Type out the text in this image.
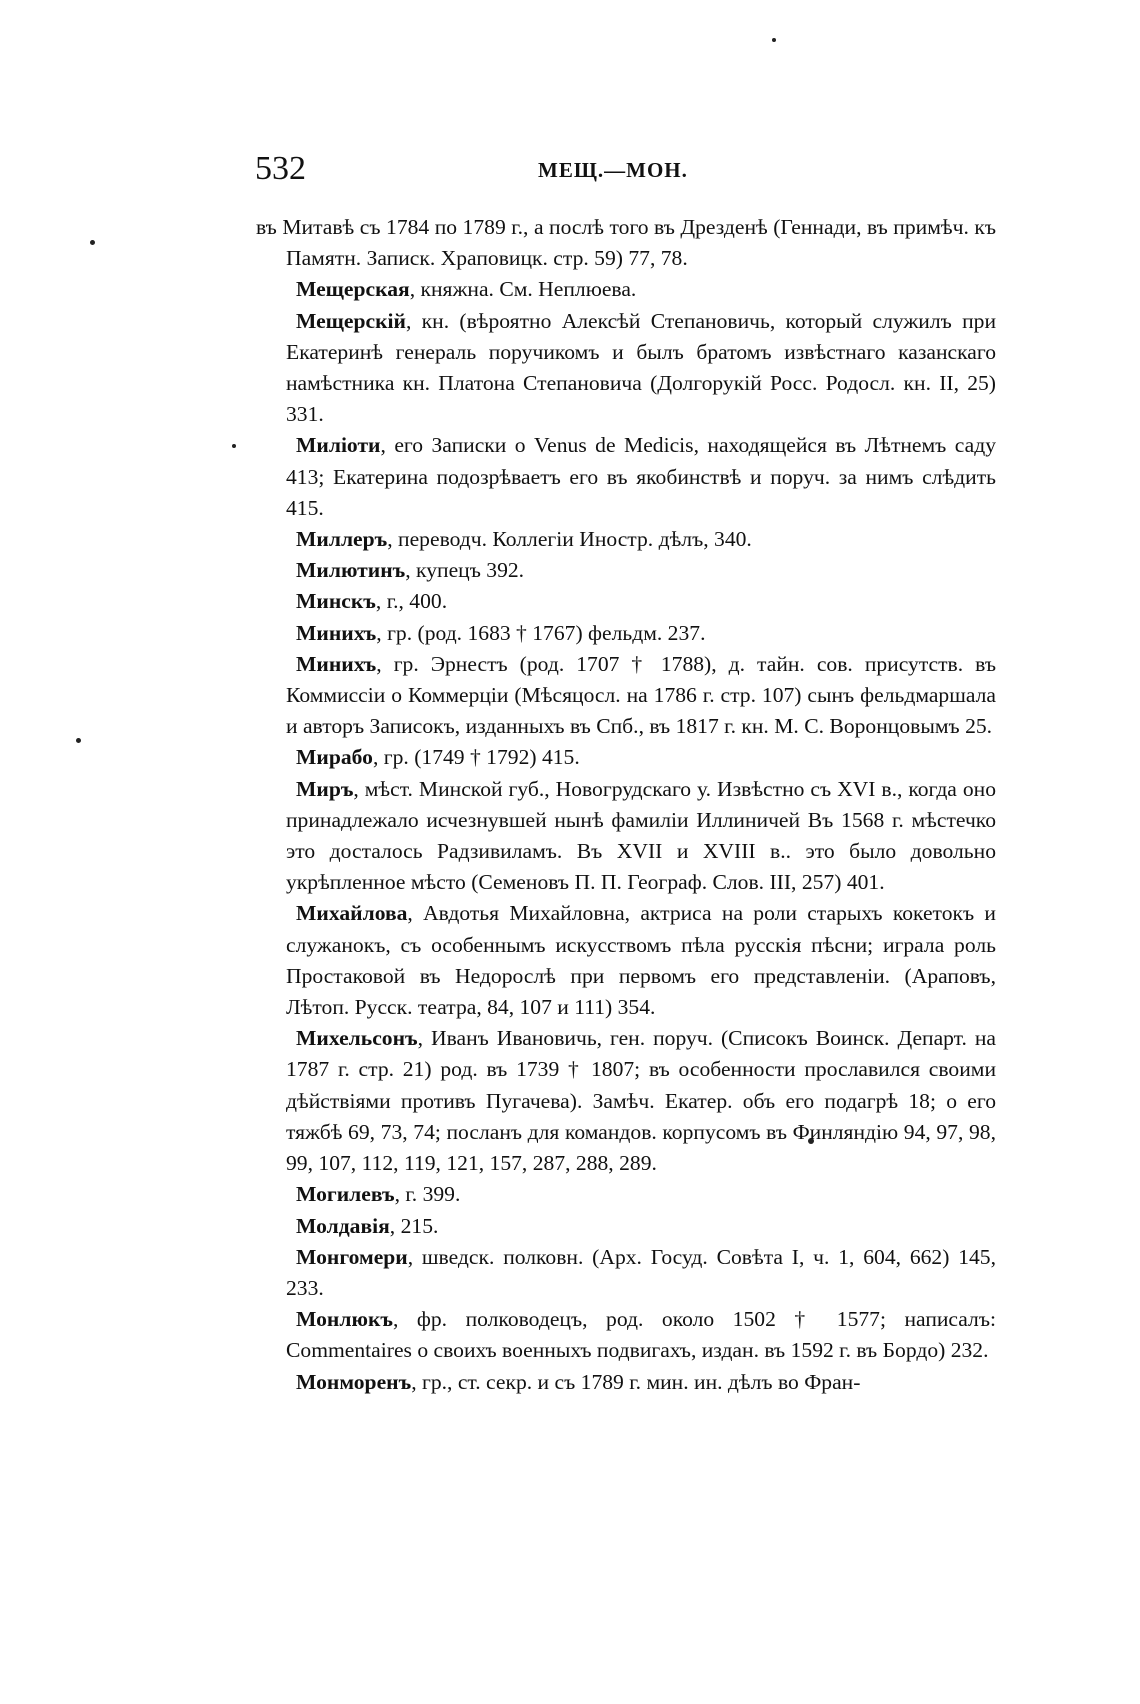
532	МЕЩ.—МОН.

въ Митавѣ съ 1784 по 1789 г., а послѣ того въ Дрезденѣ (Геннади, въ примѣч. къ Памятн. Записк. Храповицк. стр. 59) 77, 78.

Мещерская, княжна. См. Неплюева.

Мещерскій, кн. (вѣроятно Алексѣй Степановичь, который служилъ при Екатеринѣ генераль поручикомъ и былъ братомъ извѣстнаго казанскаго намѣстника кн. Платона Степановича (Долгорукій Росс. Родосл. кн. II, 25) 331.

Миліоти, его Записки о Venus de Medicis, находящейся въ Лѣтнемъ саду 413; Екатерина подозрѣваетъ его въ якобинствѣ и поруч. за нимъ слѣдить 415.

Миллеръ, переводч. Коллегіи Иностр. дѣлъ, 340.

Милютинъ, купецъ 392.

Минскъ, г., 400.

Минихъ, гр. (род. 1683 † 1767) фельдм. 237.

Минихъ, гр. Эрнестъ (род. 1707 † 1788), д. тайн. сов. присутств. въ Коммиссіи о Коммерціи (Мѣсяцосл. на 1786 г. стр. 107) сынъ фельдмаршала и авторъ Записокъ, изданныхъ въ Спб., въ 1817 г. кн. М. С. Воронцовымъ 25.

Мирабо, гр. (1749 † 1792) 415.

Миръ, мѣст. Минской губ., Новогрудскаго у. Извѣстно съ XVI в., когда оно принадлежало исчезнувшей нынѣ фамиліи Иллиничей Въ 1568 г. мѣстечко это досталось Радзивиламъ. Въ XVII и XVIII в.. это было довольно укрѣпленное мѣсто (Семеновъ П. П. Географ. Слов. III, 257) 401.

Михайлова, Авдотья Михайловна, актриса на роли старыхъ кокетокъ и служанокъ, съ особеннымъ искусствомъ пѣла русскія пѣсни; играла роль Простаковой въ Недорослѣ при первомъ его представленіи. (Араповъ, Лѣтоп. Русск. театра, 84, 107 и 111) 354.

Михельсонъ, Иванъ Ивановичь, ген. поруч. (Списокъ Воинск. Департ. на 1787 г. стр. 21) род. въ 1739 † 1807; въ особенности прославился своими дѣйствіями противъ Пугачева). Замѣч. Екатер. объ его подагрѣ 18; о его тяжбѣ 69, 73, 74; посланъ для командов. корпусомъ въ Финляндію 94, 97, 98, 99, 107, 112, 119, 121, 157, 287, 288, 289.

Могилевъ, г. 399.

Молдавія, 215.

Монгомери, шведск. полковн. (Арх. Госуд. Совѣта I, ч. 1, 604, 662) 145, 233.

Монлюкъ, фр. полководецъ, род. около 1502 † 1577; написалъ: Commentaires о своихъ военныхъ подвигахъ, издан. въ 1592 г. въ Бордо) 232.

Монморенъ, гр., ст. секр. и съ 1789 г. мин. ин. дѣлъ во Фран-
